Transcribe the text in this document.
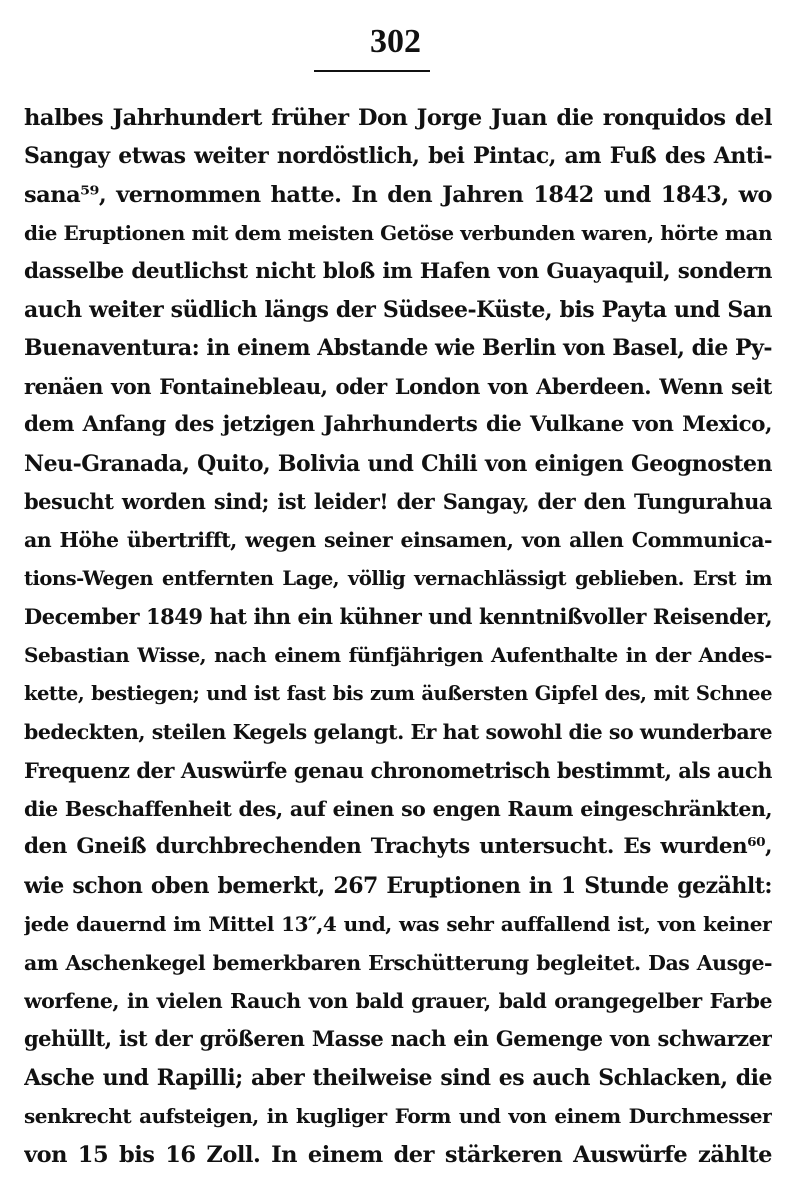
302
halbes Jahrhundert früher Don Jorge Juan die ronquidos del
Sangay etwas weiter nordöstlich, bei Pintac, am Fuß des Anti-
sana⁵⁹, vernommen hatte. In den Jahren 1842 und 1843, wo
die Eruptionen mit dem meisten Getöse verbunden waren, hörte man
dasselbe deutlichst nicht bloß im Hafen von Guayaquil, sondern
auch weiter südlich längs der Südsee-Küste, bis Payta und San
Buenaventura: in einem Abstande wie Berlin von Basel, die Py-
renäen von Fontainebleau, oder London von Aberdeen. Wenn seit
dem Anfang des jetzigen Jahrhunderts die Vulkane von Mexico,
Neu-Granada, Quito, Bolivia und Chili von einigen Geognosten
besucht worden sind; ist leider! der Sangay, der den Tungurahua
an Höhe übertrifft, wegen seiner einsamen, von allen Communica-
tions-Wegen entfernten Lage, völlig vernachlässigt geblieben. Erst im
December 1849 hat ihn ein kühner und kenntnißvoller Reisender,
Sebastian Wisse, nach einem fünfjährigen Aufenthalte in der Andes-
kette, bestiegen; und ist fast bis zum äußersten Gipfel des, mit Schnee
bedeckten, steilen Kegels gelangt. Er hat sowohl die so wunderbare
Frequenz der Auswürfe genau chronometrisch bestimmt, als auch
die Beschaffenheit des, auf einen so engen Raum eingeschränkten,
den Gneiß durchbrechenden Trachyts untersucht. Es wurden⁶⁰,
wie schon oben bemerkt, 267 Eruptionen in 1 Stunde gezählt:
jede dauernd im Mittel 13″,4 und, was sehr auffallend ist, von keiner
am Aschenkegel bemerkbaren Erschütterung begleitet. Das Ausge-
worfene, in vielen Rauch von bald grauer, bald orangegelber Farbe
gehüllt, ist der größeren Masse nach ein Gemenge von schwarzer
Asche und Rapilli; aber theilweise sind es auch Schlacken, die
senkrecht aufsteigen, in kugliger Form und von einem Durchmesser
von 15 bis 16 Zoll. In einem der stärkeren Auswürfe zählte
